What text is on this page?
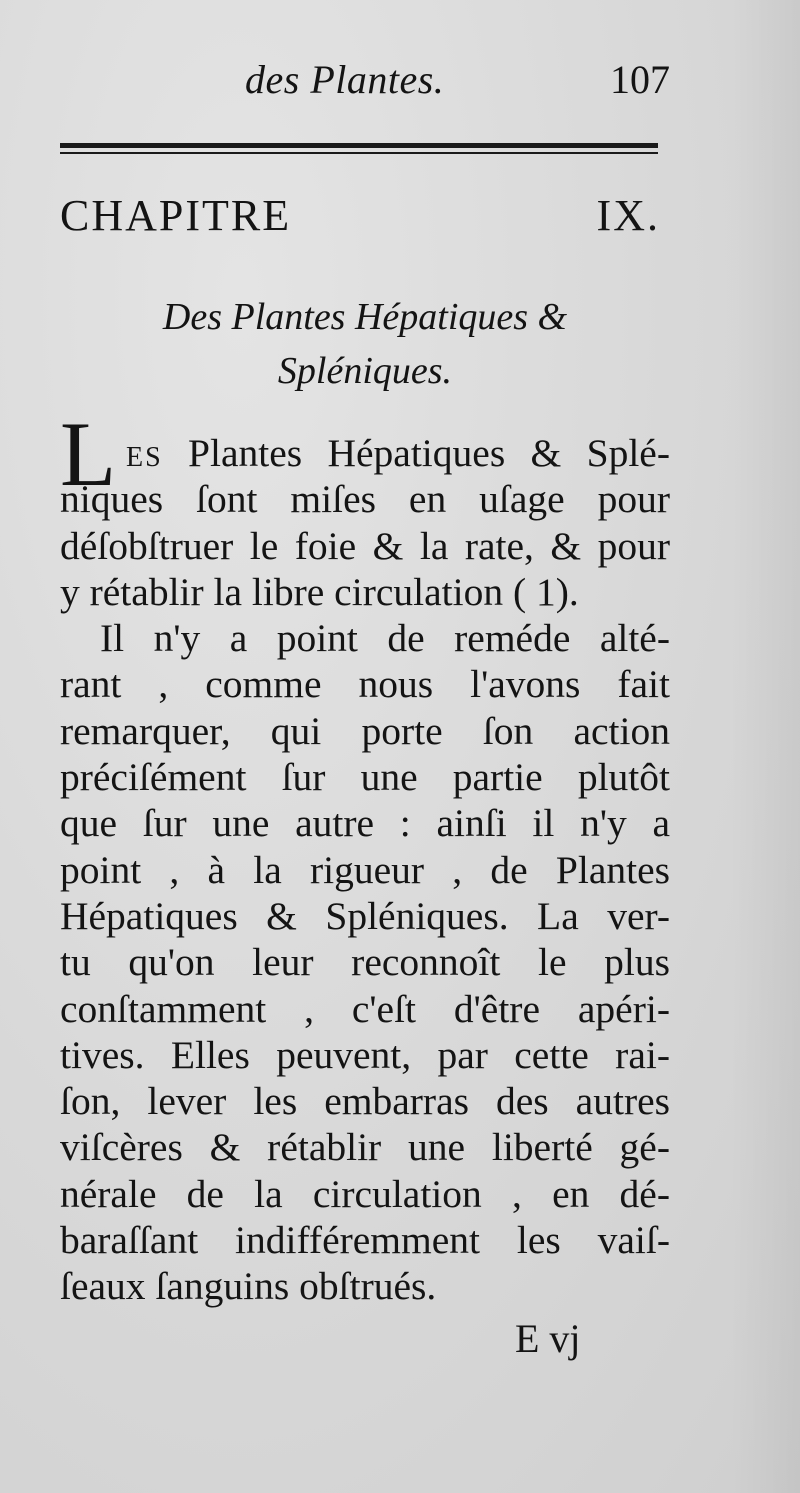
des Plantes.	107
CHAPITRE IX.
Des Plantes Hépatiques &
Spléniques.
L es Plantes Hépatiques & Splé-
niques ſont miſes en uſage pour
déſobſtruer le foie & la rate, & pour
y rétablir la libre circulation ( 1).
Il n'y a point de reméde alté-
rant , comme nous l'avons fait
remarquer, qui porte ſon action
préciſément ſur une partie plutôt
que ſur une autre : ainſi il n'y a
point , à la rigueur , de Plantes
Hépatiques & Spléniques. La ver-
tu qu'on leur reconnoît le plus
conſtamment , c'eſt d'être apéri-
tives. Elles peuvent, par cette rai-
ſon, lever les embarras des autres
viſcères & rétablir une liberté gé-
nérale de la circulation , en dé-
baraſſant indifféremment les vaiſ-
ſeaux ſanguins obſtrués.
E vj
